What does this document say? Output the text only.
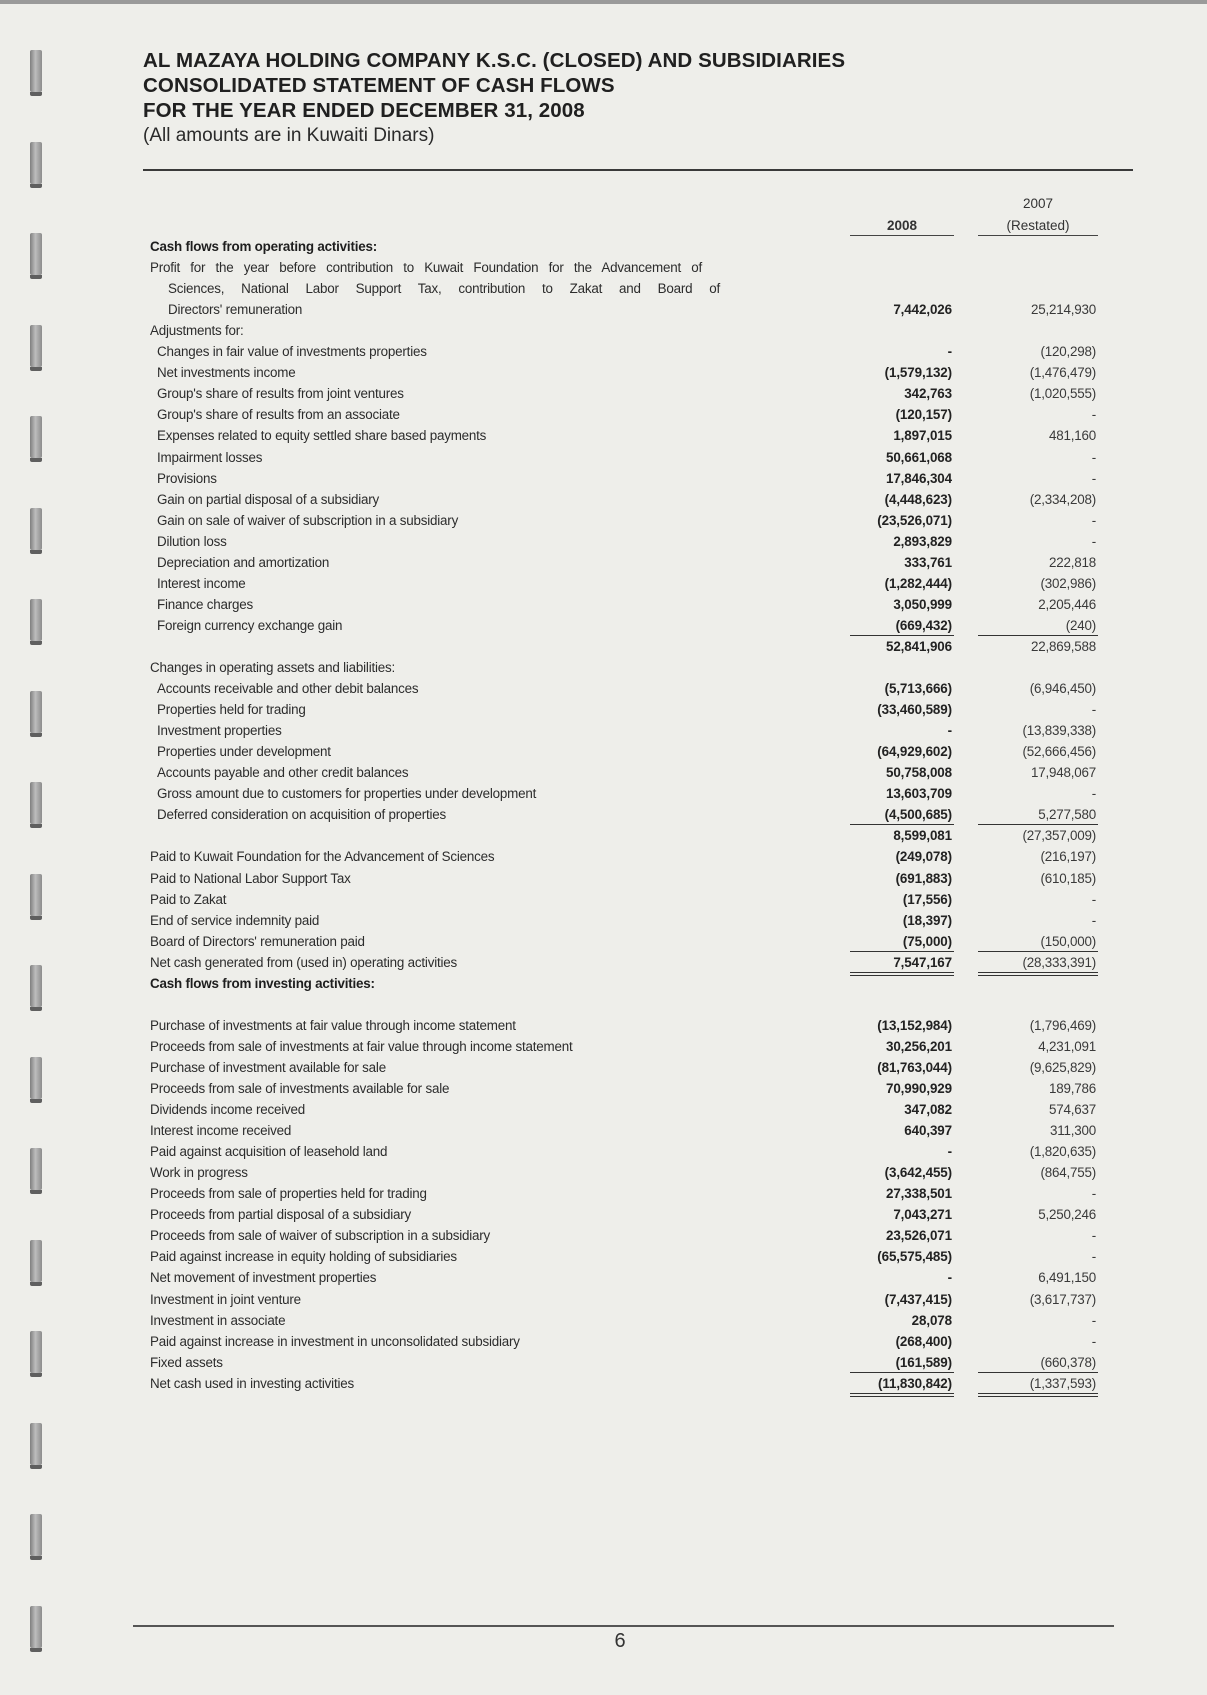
AL MAZAYA HOLDING COMPANY K.S.C. (CLOSED) AND SUBSIDIARIES
CONSOLIDATED STATEMENT OF CASH FLOWS
FOR THE YEAR ENDED DECEMBER 31, 2008
(All amounts are in Kuwaiti Dinars)
2008
2007
(Restated)
Cash flows from operating activities:
Profit for the year before contribution to Kuwait Foundation for the Advancement of
Sciences, National Labor Support Tax, contribution to Zakat and Board of
Directors' remuneration	7,442,026	25,214,930
Adjustments for:
Changes in fair value of investments properties	-	(120,298)
Net investments income	(1,579,132)	(1,476,479)
Group's share of results from joint ventures	342,763	(1,020,555)
Group's share of results from an associate	(120,157)	-
Expenses related to equity settled share based payments	1,897,015	481,160
Impairment losses	50,661,068	-
Provisions	17,846,304	-
Gain on partial disposal of a subsidiary	(4,448,623)	(2,334,208)
Gain on sale of waiver of subscription in a subsidiary	(23,526,071)	-
Dilution loss	2,893,829	-
Depreciation and amortization	333,761	222,818
Interest income	(1,282,444)	(302,986)
Finance charges	3,050,999	2,205,446
Foreign currency exchange gain	(669,432)	(240)
52,841,906	22,869,588
Changes in operating assets and liabilities:
Accounts receivable and other debit balances	(5,713,666)	(6,946,450)
Properties held for trading	(33,460,589)	-
Investment properties	-	(13,839,338)
Properties under development	(64,929,602)	(52,666,456)
Accounts payable and other credit balances	50,758,008	17,948,067
Gross amount due to customers for properties under development	13,603,709	-
Deferred consideration on acquisition of properties	(4,500,685)	5,277,580
8,599,081	(27,357,009)
Paid to Kuwait Foundation for the Advancement of Sciences	(249,078)	(216,197)
Paid to National Labor Support Tax	(691,883)	(610,185)
Paid to Zakat	(17,556)	-
End of service indemnity paid	(18,397)	-
Board of Directors' remuneration paid	(75,000)	(150,000)
Net cash generated from (used in) operating activities	7,547,167	(28,333,391)
Cash flows from investing activities:
Purchase of investments at fair value through income statement	(13,152,984)	(1,796,469)
Proceeds from sale of investments at fair value through income statement	30,256,201	4,231,091
Purchase of investment available for sale	(81,763,044)	(9,625,829)
Proceeds from sale of investments available for sale	70,990,929	189,786
Dividends income received	347,082	574,637
Interest income received	640,397	311,300
Paid against acquisition of leasehold land	-	(1,820,635)
Work in progress	(3,642,455)	(864,755)
Proceeds from sale of properties held for trading	27,338,501	-
Proceeds from partial disposal of a subsidiary	7,043,271	5,250,246
Proceeds from sale of waiver of subscription in a subsidiary	23,526,071	-
Paid against increase in equity holding of subsidiaries	(65,575,485)	-
Net movement of investment properties	-	6,491,150
Investment in joint venture	(7,437,415)	(3,617,737)
Investment in associate	28,078	-
Paid against increase in investment in unconsolidated subsidiary	(268,400)	-
Fixed assets	(161,589)	(660,378)
Net cash used in investing activities	(11,830,842)	(1,337,593)
6
